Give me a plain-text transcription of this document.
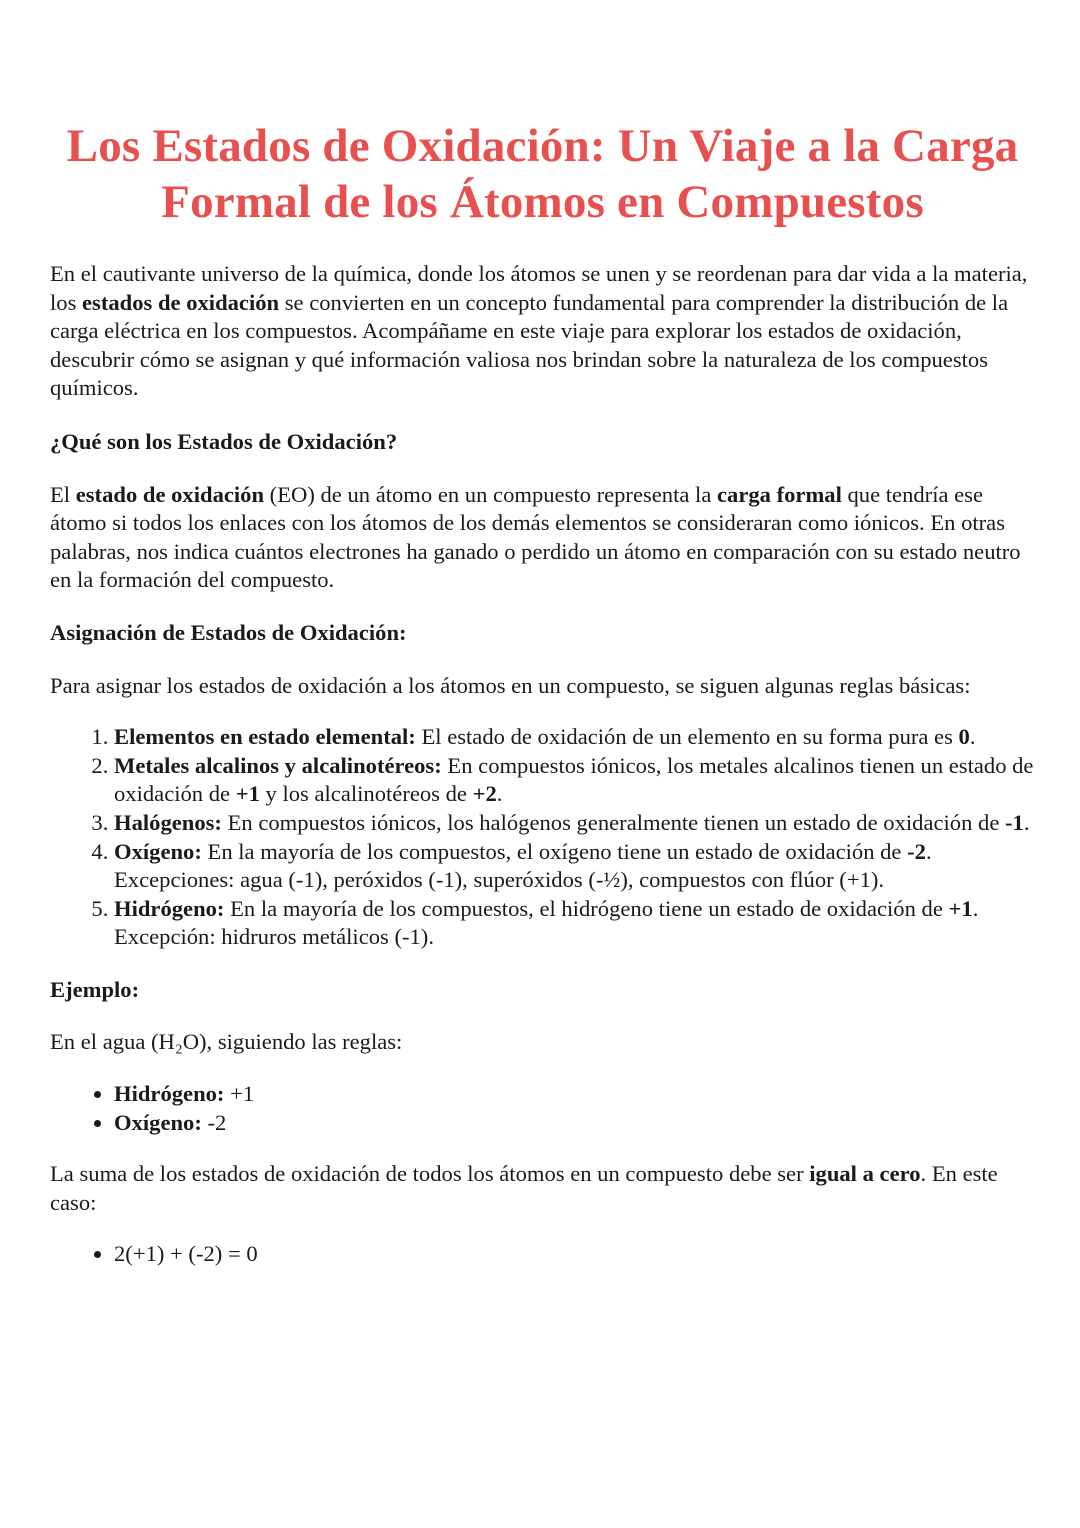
Los Estados de Oxidación: Un Viaje a la Carga Formal de los Átomos en Compuestos

En el cautivante universo de la química, donde los átomos se unen y se reordenan para dar vida a la materia, los estados de oxidación se convierten en un concepto fundamental para comprender la distribución de la carga eléctrica en los compuestos. Acompáñame en este viaje para explorar los estados de oxidación, descubrir cómo se asignan y qué información valiosa nos brindan sobre la naturaleza de los compuestos químicos.

¿Qué son los Estados de Oxidación?

El estado de oxidación (EO) de un átomo en un compuesto representa la carga formal que tendría ese átomo si todos los enlaces con los átomos de los demás elementos se consideraran como iónicos. En otras palabras, nos indica cuántos electrones ha ganado o perdido un átomo en comparación con su estado neutro en la formación del compuesto.

Asignación de Estados de Oxidación:

Para asignar los estados de oxidación a los átomos en un compuesto, se siguen algunas reglas básicas:

1. Elementos en estado elemental: El estado de oxidación de un elemento en su forma pura es 0.
2. Metales alcalinos y alcalinotéreos: En compuestos iónicos, los metales alcalinos tienen un estado de oxidación de +1 y los alcalinotéreos de +2.
3. Halógenos: En compuestos iónicos, los halógenos generalmente tienen un estado de oxidación de -1.
4. Oxígeno: En la mayoría de los compuestos, el oxígeno tiene un estado de oxidación de -2. Excepciones: agua (-1), peróxidos (-1), superóxidos (-½), compuestos con flúor (+1).
5. Hidrógeno: En la mayoría de los compuestos, el hidrógeno tiene un estado de oxidación de +1. Excepción: hidruros metálicos (-1).

Ejemplo:

En el agua (H₂O), siguiendo las reglas:

• Hidrógeno: +1
• Oxígeno: -2

La suma de los estados de oxidación de todos los átomos en un compuesto debe ser igual a cero. En este caso:

• 2(+1) + (-2) = 0
